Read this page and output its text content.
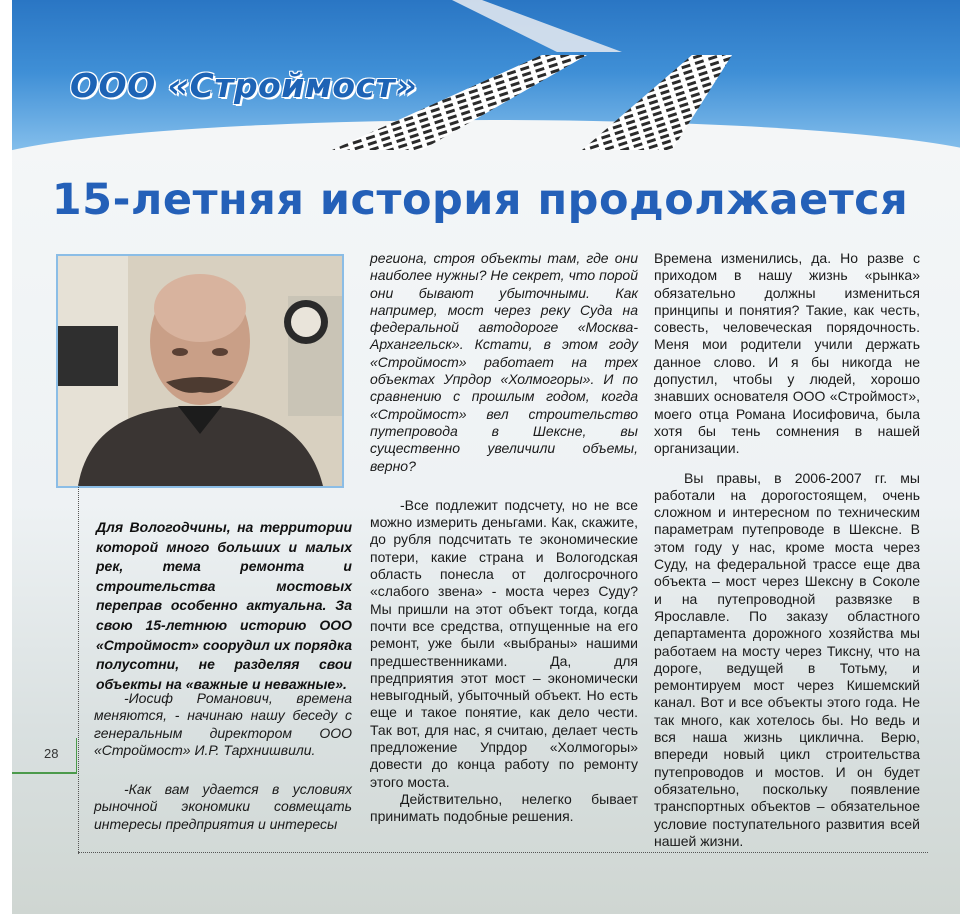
ООО «Строймост»
15-летняя история продолжается
28
Для Вологодчины, на территории которой много больших и малых рек, тема ремонта и строительства мостовых переправ особенно актуальна. За свою 15-летнюю историю ООО «Строймост» соорудил их порядка полусотни, не разделяя свои объекты на «важные и неважные».

-Иосиф Романович, времена меняются, - начинаю нашу беседу с генеральным директором ООО «Строймост» И.Р. Тархнишвили.

-Как вам удается в условиях рыночной экономики совмещать интересы предприятия и интересы

региона, строя объекты там, где они наиболее нужны? Не секрет, что порой они бывают убыточными. Как например, мост через реку Суда на федеральной автодороге «Москва-Архангельск». Кстати, в этом году «Строймост» работает на трех объектах Упрдор «Холмогоры». И по сравнению с прошлым годом, когда «Строймост» вел строительство путепровода в Шексне, вы существенно увеличили объемы, верно?

-Все подлежит подсчету, но не все можно измерить деньгами. Как, скажите, до рубля подсчитать те экономические потери, какие страна и Вологодская область понесла от долгосрочного «слабого звена» - моста через Суду? Мы пришли на этот объект тогда, когда почти все средства, отпущенные на его ремонт, уже были «выбраны» нашими предшественниками. Да, для предприятия этот мост – экономически невыгодный, убыточный объект. Но есть еще и такое понятие, как дело чести. Так вот, для нас, я считаю, делает честь предложение Упрдор «Холмогоры» довести до конца работу по ремонту этого моста.

Действительно, нелегко бывает принимать подобные решения.

Времена изменились, да. Но разве с приходом в нашу жизнь «рынка» обязательно должны измениться принципы и понятия? Такие, как честь, совесть, человеческая порядочность. Меня мои родители учили держать данное слово. И я бы никогда не допустил, чтобы у людей, хорошо знавших основателя ООО «Строймост», моего отца Романа Иосифовича, была хотя бы тень сомнения в нашей организации.

Вы правы, в 2006-2007 гг. мы работали на дорогостоящем, очень сложном и интересном по техническим параметрам путепроводе в Шексне. В этом году у нас, кроме моста через Суду, на федеральной трассе еще два объекта – мост через Шексну в Соколе и на путепроводной развязке в Ярославле. По заказу областного департамента дорожного хозяйства мы работаем на мосту через Тиксну, что на дороге, ведущей в Тотьму, и ремонтируем мост через Кишемский канал. Вот и все объекты этого года. Не так много, как хотелось бы. Но ведь и вся наша жизнь циклична. Верю, впереди новый цикл строительства путепроводов и мостов. И он будет обязательно, поскольку появление транспортных объектов – обязательное условие поступательного развития всей нашей жизни.
